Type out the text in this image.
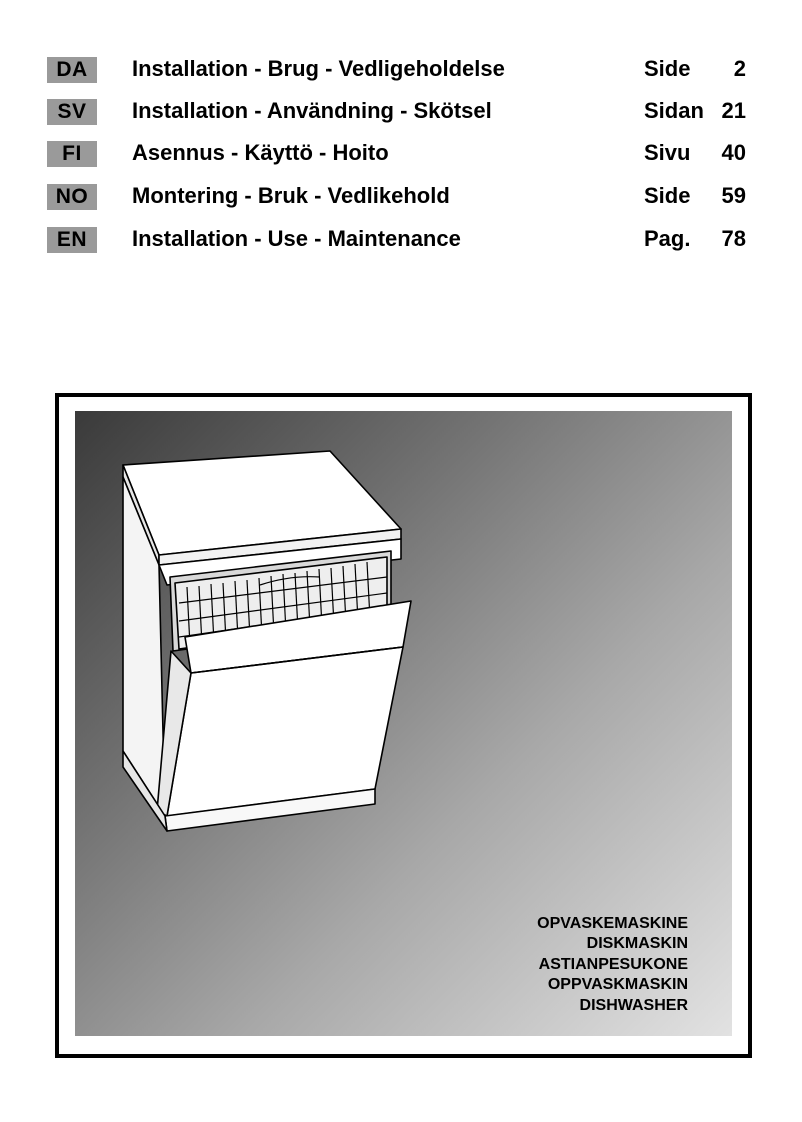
DA	Installation - Brug - Vedligeholdelse	Side 2
SV	Installation - Användning - Skötsel	Sidan 21
FI	Asennus - Käyttö - Hoito	Sivu 40
NO	Montering - Bruk - Vedlikehold	Side 59
EN	Installation - Use - Maintenance	Pag. 78
OPVASKEMASKINE
DISKMASKIN
ASTIANPESUKONE
OPPVASKMASKIN
DISHWASHER
